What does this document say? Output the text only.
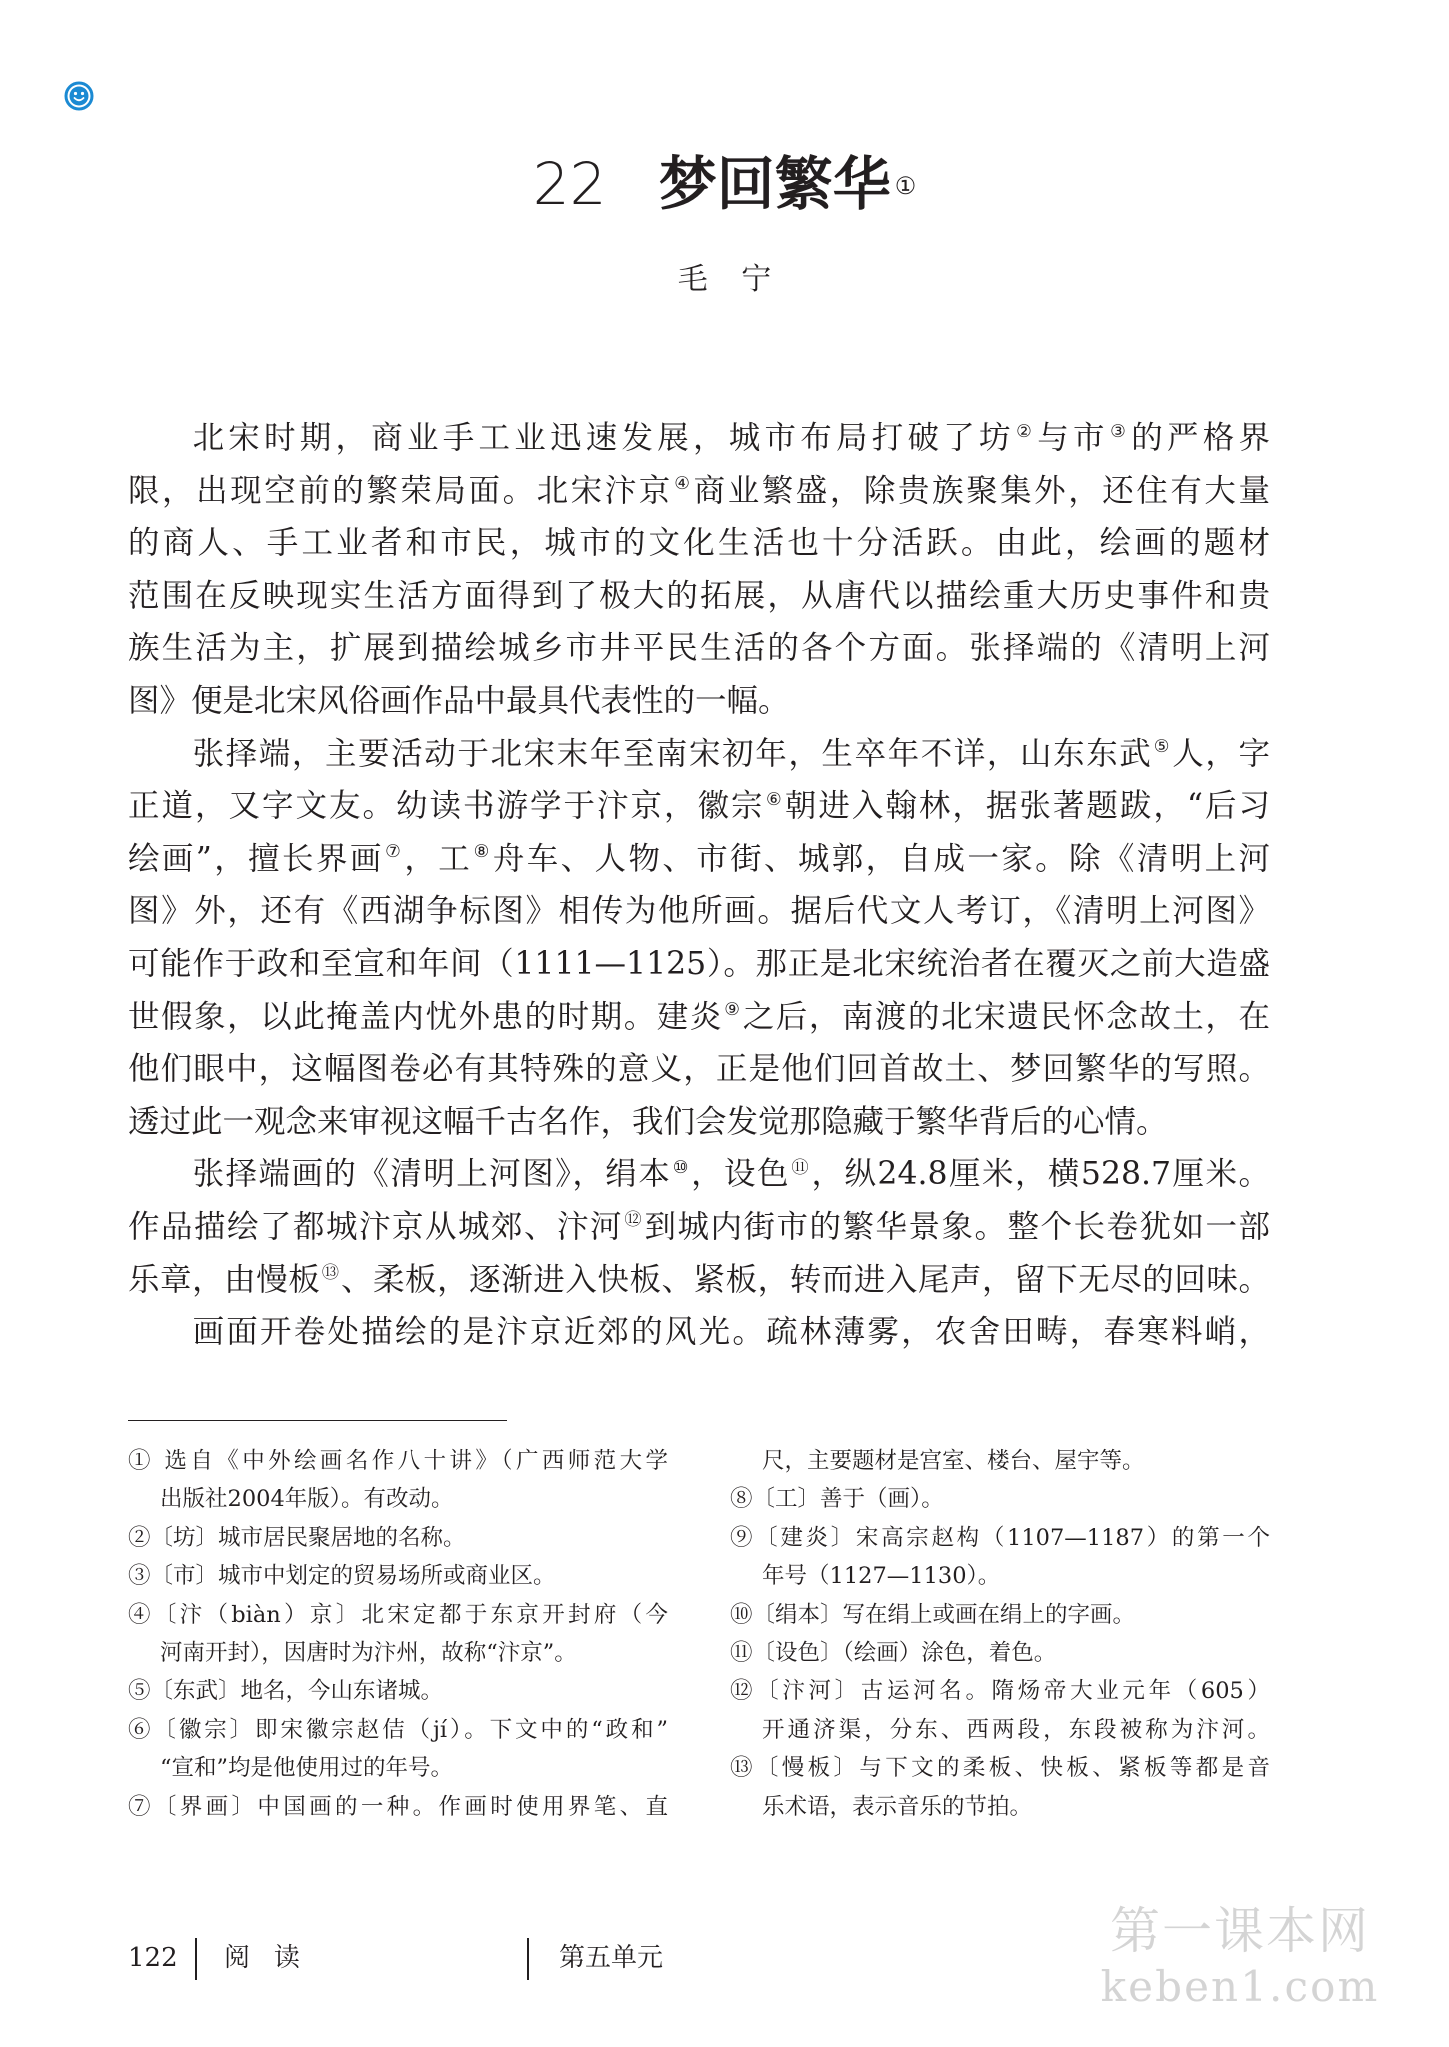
22 梦回繁华 ①
毛 宁
北宋时期，商业手工业迅速发展，城市布局打破了坊②与市③的严格界
限，出现空前的繁荣局面。北宋汴京④商业繁盛，除贵族聚集外，还住有大量
的商人、手工业者和市民，城市的文化生活也十分活跃。由此，绘画的题材
范围在反映现实生活方面得到了极大的拓展，从唐代以描绘重大历史事件和贵
族生活为主，扩展到描绘城乡市井平民生活的各个方面。张择端的《清明上河
图》便是北宋风俗画作品中最具代表性的一幅。
张择端，主要活动于北宋末年至南宋初年，生卒年不详，山东东武⑤人，字
正道，又字文友。幼读书游学于汴京，徽宗⑥朝进入翰林，据张著题跋，“后习
绘画”，擅长界画⑦，工⑧舟车、人物、市街、城郭，自成一家。除《清明上河
图》外，还有《西湖争标图》相传为他所画。据后代文人考订，《清明上河图》
可能作于政和至宣和年间（1111—1125）。那正是北宋统治者在覆灭之前大造盛
世假象，以此掩盖内忧外患的时期。建炎⑨之后，南渡的北宋遗民怀念故土，在
他们眼中，这幅图卷必有其特殊的意义，正是他们回首故土、梦回繁华的写照。
透过此一观念来审视这幅千古名作，我们会发觉那隐藏于繁华背后的心情。
张择端画的《清明上河图》，绢本⑩，设色⑪，纵24.8厘米，横528.7厘米。
作品描绘了都城汴京从城郊、汴河⑫到城内街市的繁华景象。整个长卷犹如一部
乐章，由慢板⑬、柔板，逐渐进入快板、紧板，转而进入尾声，留下无尽的回味。
画面开卷处描绘的是汴京近郊的风光。疏林薄雾，农舍田畴，春寒料峭，
① 选自《中外绘画名作八十讲》（广西师范大学
出版社2004年版）。有改动。
②〔坊〕城市居民聚居地的名称。
③〔市〕城市中划定的贸易场所或商业区。
④〔汴（biàn）京〕北宋定都于东京开封府（今
河南开封），因唐时为汴州，故称“汴京”。
⑤〔东武〕地名，今山东诸城。
⑥〔徽宗〕即宋徽宗赵佶（jí）。下文中的“政和”
“宣和”均是他使用过的年号。
⑦〔界画〕中国画的一种。作画时使用界笔、直
尺，主要题材是宫室、楼台、屋宇等。
⑧〔工〕善于（画）。
⑨〔建炎〕宋高宗赵构（1107—1187）的第一个
年号（1127—1130）。
⑩〔绢本〕写在绢上或画在绢上的字画。
⑪〔设色〕（绘画）涂色，着色。
⑫〔汴河〕古运河名。隋炀帝大业元年（605）
开通济渠，分东、西两段，东段被称为汴河。
⑬〔慢板〕与下文的柔板、快板、紧板等都是音
乐术语，表示音乐的节拍。
122 阅 读	第五单元	第一课本网
keben1.com
